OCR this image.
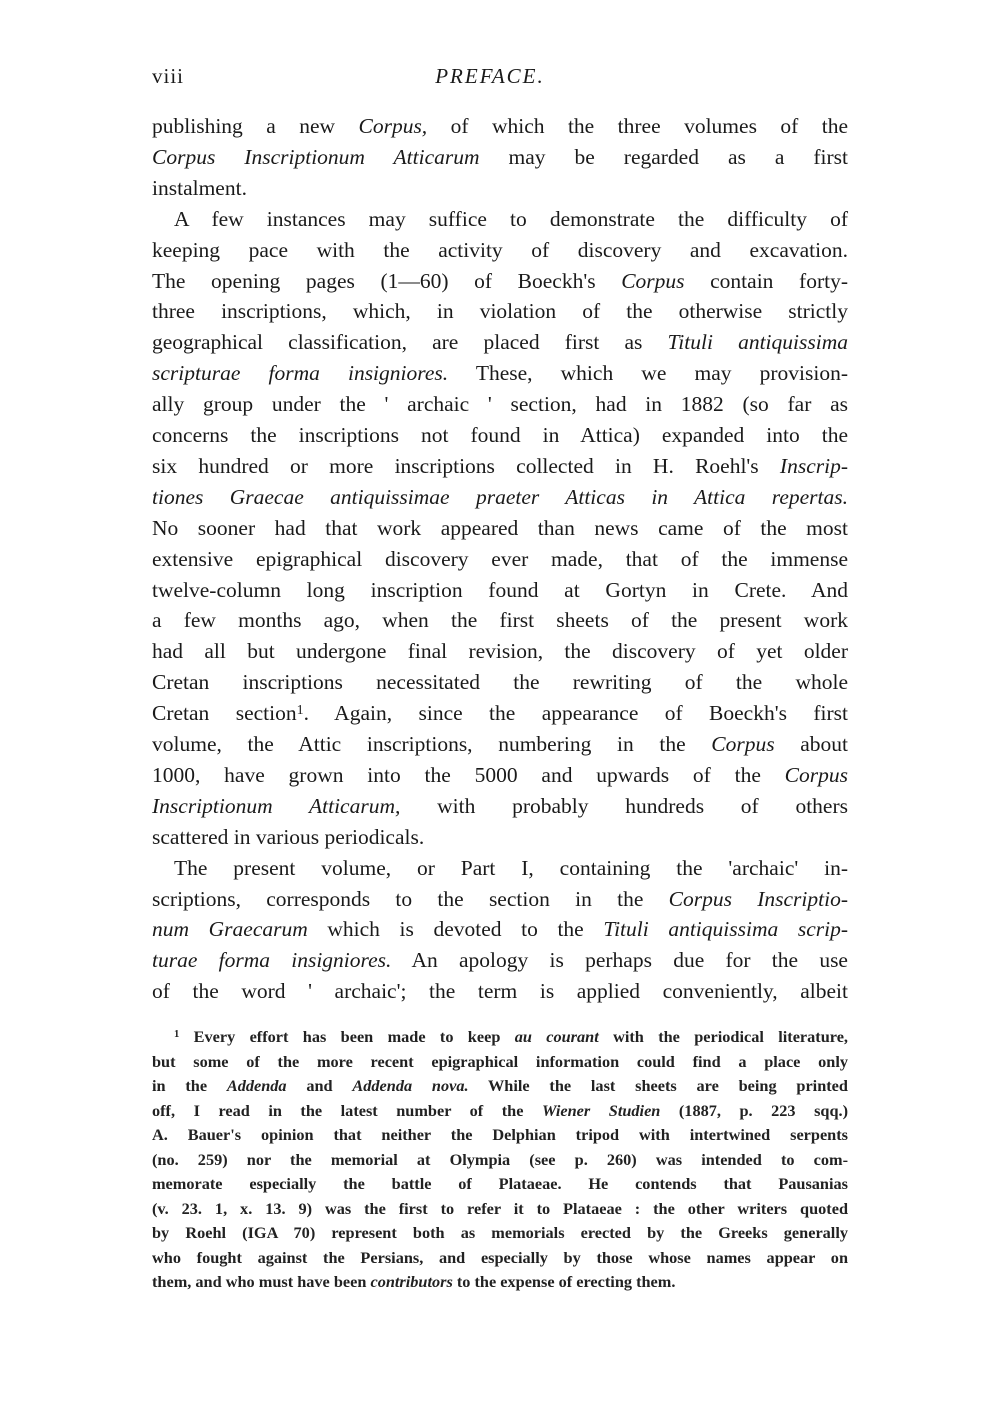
viii	PREFACE.
publishing a new Corpus, of which the three volumes of the
Corpus Inscriptionum Atticarum may be regarded as a first
instalment.
A few instances may suffice to demonstrate the difficulty of
keeping pace with the activity of discovery and excavation.
The opening pages (1—60) of Boeckh's Corpus contain forty-
three inscriptions, which, in violation of the otherwise strictly
geographical classification, are placed first as Tituli antiquissima
scripturae forma insigniores. These, which we may provision-
ally group under the ' archaic ' section, had in 1882 (so far as
concerns the inscriptions not found in Attica) expanded into the
six hundred or more inscriptions collected in H. Roehl's Inscrip-
tiones Graecae antiquissimae praeter Atticas in Attica repertas.
No sooner had that work appeared than news came of the most
extensive epigraphical discovery ever made, that of the immense
twelve-column long inscription found at Gortyn in Crete. And
a few months ago, when the first sheets of the present work
had all but undergone final revision, the discovery of yet older
Cretan inscriptions necessitated the rewriting of the whole
Cretan section$^1$. Again, since the appearance of Boeckh's first
volume, the Attic inscriptions, numbering in the Corpus about
1000, have grown into the 5000 and upwards of the Corpus
Inscriptionum Atticarum, with probably hundreds of others
scattered in various periodicals.
The present volume, or Part I, containing the 'archaic' in-
scriptions, corresponds to the section in the Corpus Inscriptio-
num Graecarum which is devoted to the Tituli antiquissima scrip-
turae forma insigniores. An apology is perhaps due for the use
of the word ' archaic'; the term is applied conveniently, albeit
$^1$ Every effort has been made to keep au courant with the periodical literature,
but some of the more recent epigraphical information could find a place only
in the Addenda and Addenda nova. While the last sheets are being printed
off, I read in the latest number of the Wiener Studien (1887, p. 223 sqq.)
A. Bauer's opinion that neither the Delphian tripod with intertwined serpents
(no. 259) nor the memorial at Olympia (see p. 260) was intended to com-
memorate especially the battle of Plataeae. He contends that Pausanias
(v. 23. 1, x. 13. 9) was the first to refer it to Plataeae : the other writers quoted
by Roehl (IGA 70) represent both as memorials erected by the Greeks generally
who fought against the Persians, and especially by those whose names appear on
them, and who must have been contributors to the expense of erecting them.
